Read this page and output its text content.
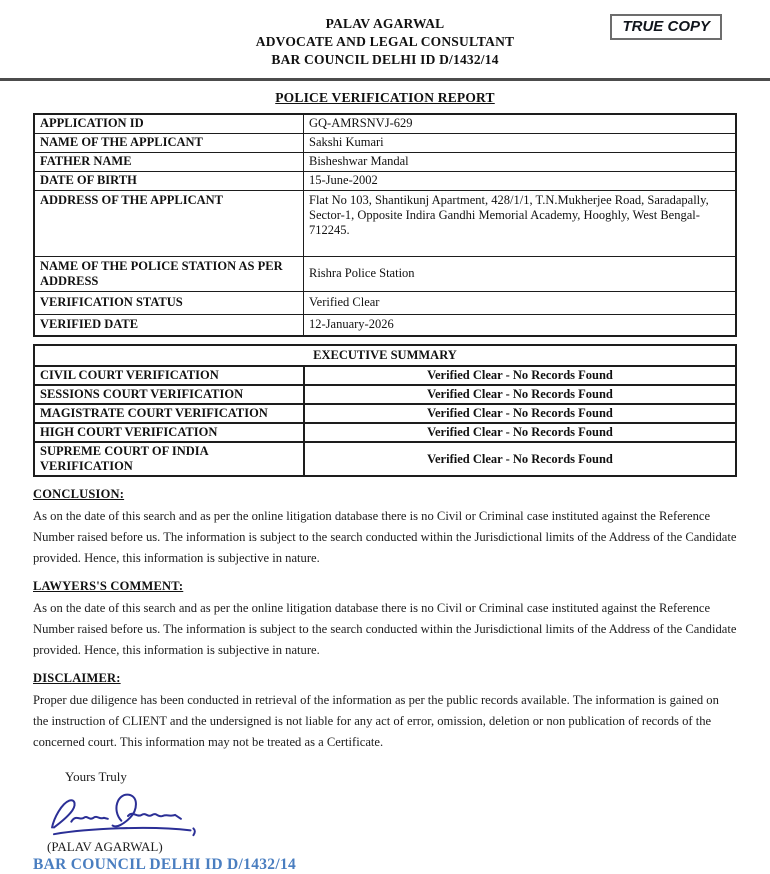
PALAV AGARWAL
ADVOCATE AND LEGAL CONSULTANT
BAR COUNCIL DELHI ID D/1432/14
TRUE COPY
POLICE VERIFICATION REPORT
APPLICATION ID	GQ-AMRSNVJ-629
NAME OF THE APPLICANT	Sakshi Kumari
FATHER NAME	Bisheshwar Mandal
DATE OF BIRTH	15-June-2002
ADDRESS OF THE APPLICANT	Flat No 103, Shantikunj Apartment, 428/1/1, T.N.Mukherjee Road, Saradapally, Sector-1, Opposite Indira Gandhi Memorial Academy, Hooghly, West Bengal-712245.
NAME OF THE POLICE STATION AS PER ADDRESS	Rishra Police Station
VERIFICATION STATUS	Verified Clear
VERIFIED DATE	12-January-2026
EXECUTIVE SUMMARY	
CIVIL COURT VERIFICATION	Verified Clear - No Records Found
SESSIONS COURT VERIFICATION	Verified Clear - No Records Found
MAGISTRATE COURT VERIFICATION	Verified Clear - No Records Found
HIGH COURT VERIFICATION	Verified Clear - No Records Found
SUPREME COURT OF INDIA VERIFICATION	Verified Clear - No Records Found
CONCLUSION:

As on the date of this search and as per the online litigation database there is no Civil or Criminal case instituted against the Reference Number raised before us. The information is subject to the search conducted within the Jurisdictional limits of the Address of the Candidate provided. Hence, this information is subjective in nature.

LAWYERS'S COMMENT:

As on the date of this search and as per the online litigation database there is no Civil or Criminal case instituted against the Reference Number raised before us. The information is subject to the search conducted within the Jurisdictional limits of the Address of the Candidate provided. Hence, this information is subjective in nature.

DISCLAIMER:

Proper due diligence has been conducted in retrieval of the information as per the public records available. The information is gained on the instruction of CLIENT and the undersigned is not liable for any act of error, omission, deletion or non publication of records of the concerned court. This information may not be treated as a Certificate.

Yours Truly
(PALAV AGARWAL)
BAR COUNCIL DELHI ID D/1432/14
